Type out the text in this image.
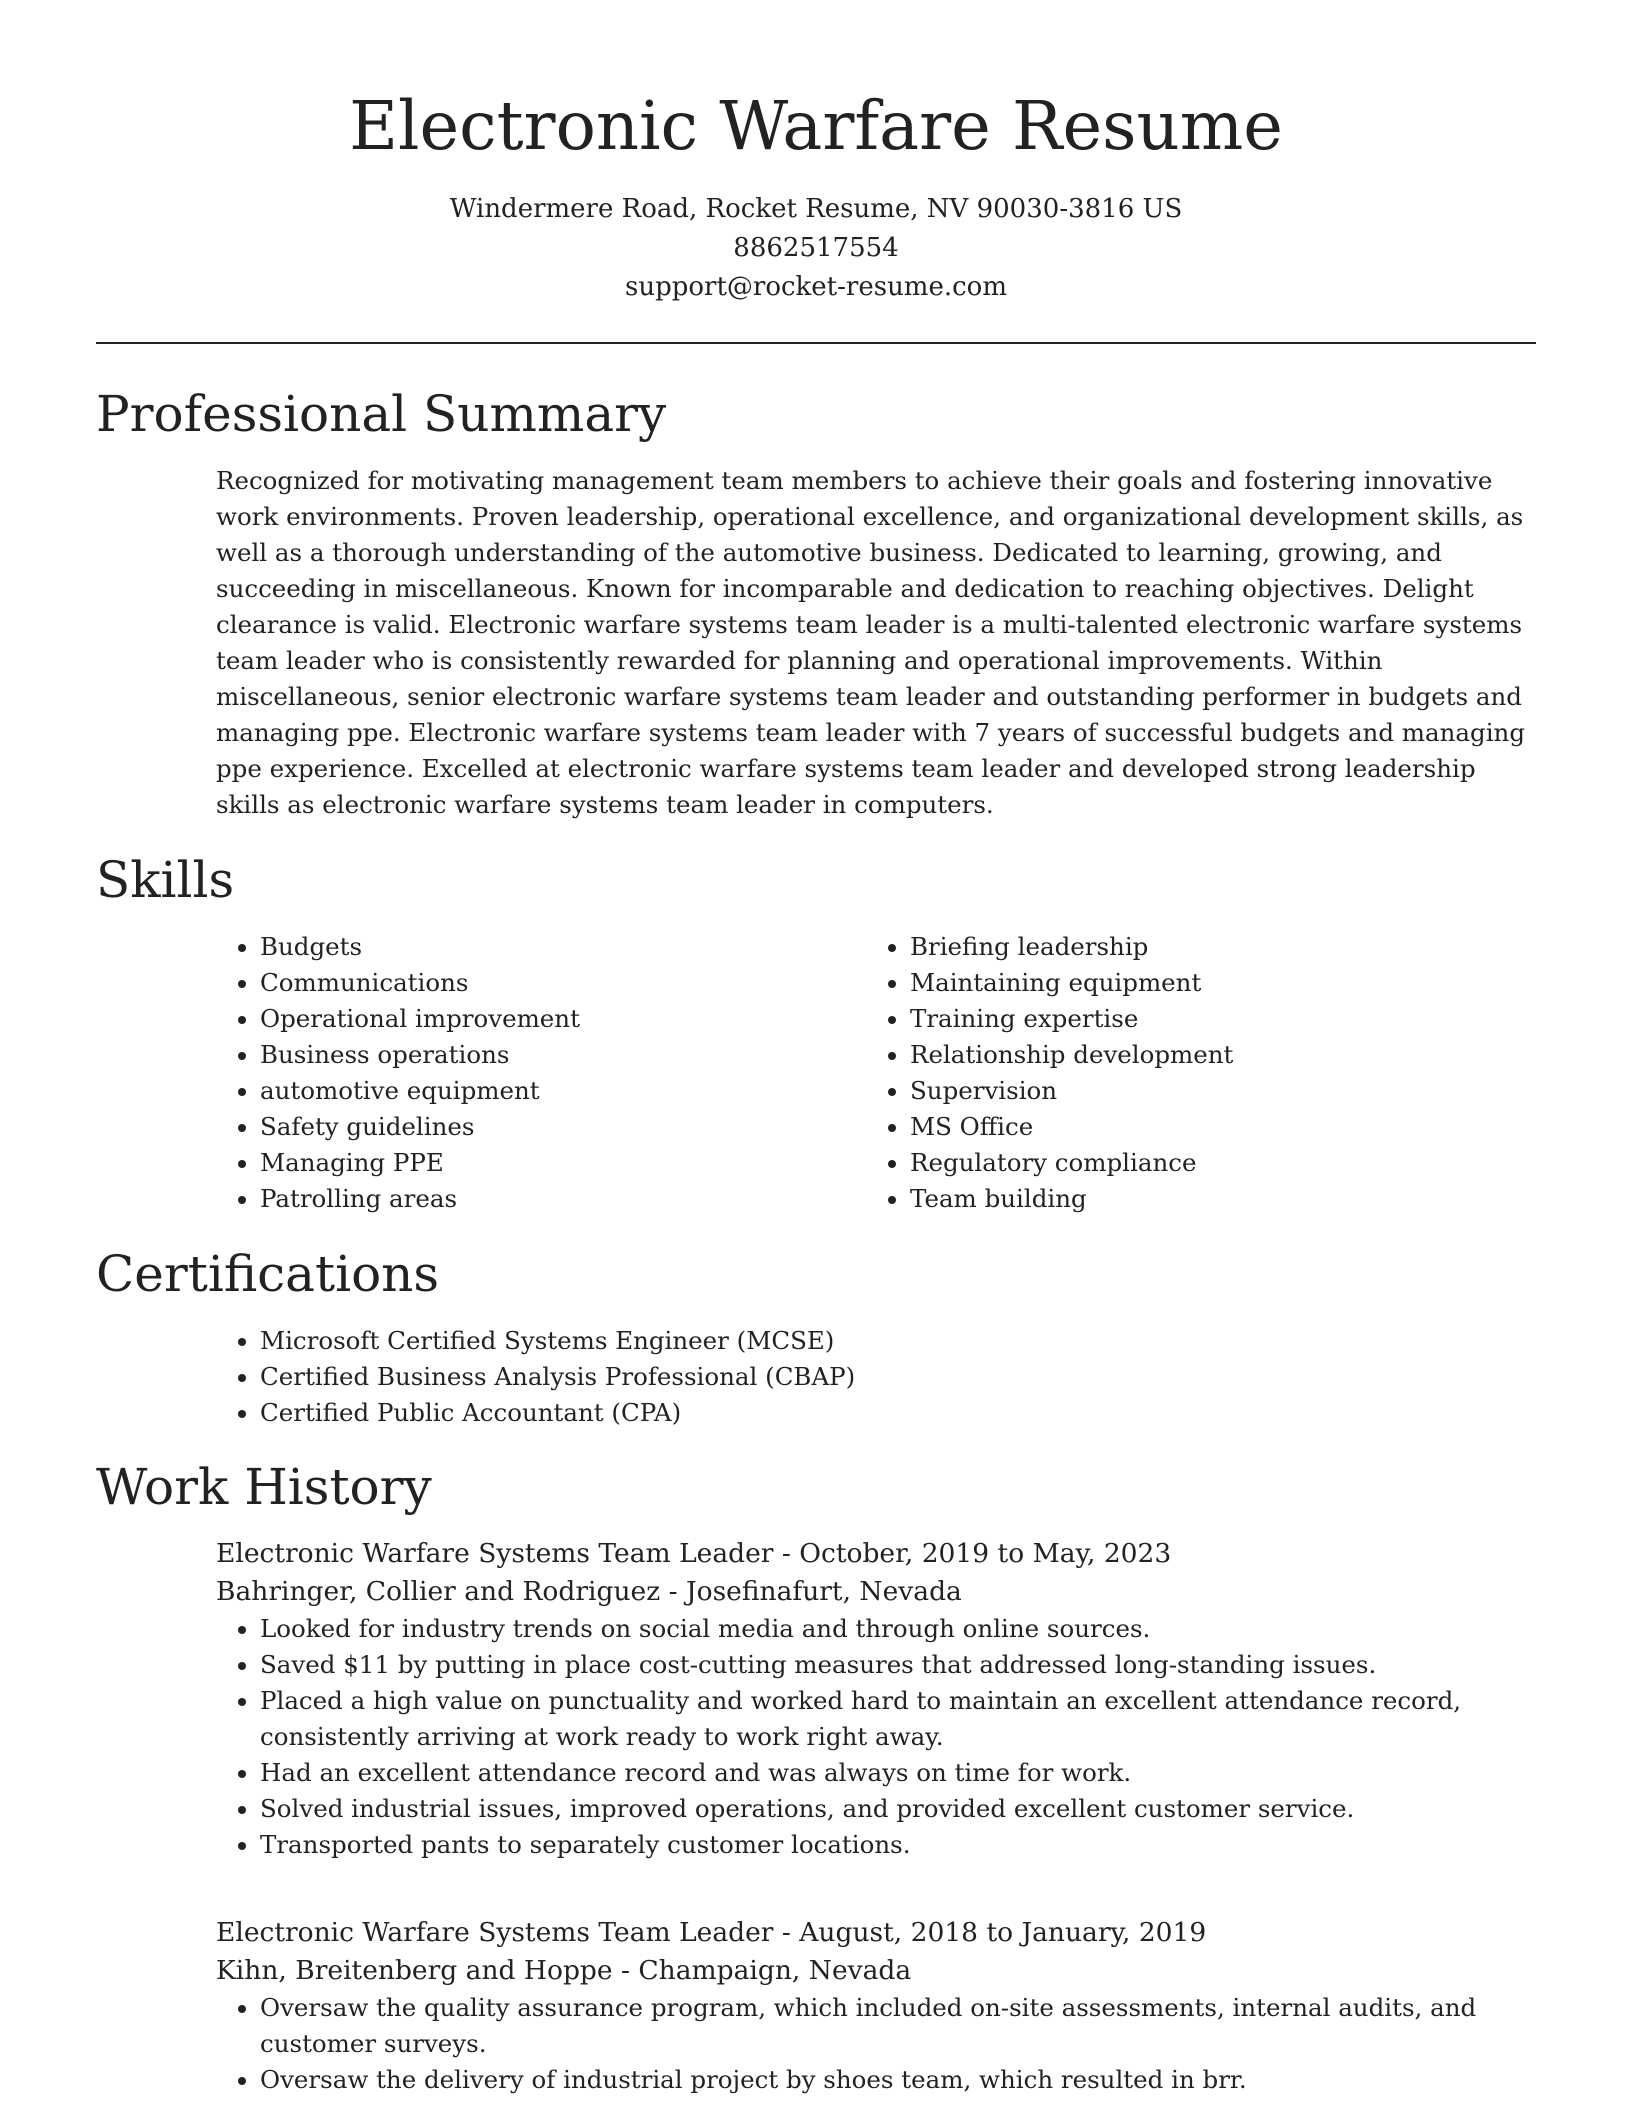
Electronic Warfare Resume
Windermere Road, Rocket Resume, NV 90030-3816 US
8862517554
support@rocket-resume.com
Professional Summary

Recognized for motivating management team members to achieve their goals and fostering innovative work environments. Proven leadership, operational excellence, and organizational development skills, as well as a thorough understanding of the automotive business. Dedicated to learning, growing, and succeeding in miscellaneous. Known for incomparable and dedication to reaching objectives. Delight clearance is valid. Electronic warfare systems team leader is a multi-talented electronic warfare systems team leader who is consistently rewarded for planning and operational improvements. Within miscellaneous, senior electronic warfare systems team leader and outstanding performer in budgets and managing ppe. Electronic warfare systems team leader with 7 years of successful budgets and managing ppe experience. Excelled at electronic warfare systems team leader and developed strong leadership skills as electronic warfare systems team leader in computers.

Skills
• Budgets
• Communications
• Operational improvement
• Business operations
• automotive equipment
• Safety guidelines
• Managing PPE
• Patrolling areas
• Briefing leadership
• Maintaining equipment
• Training expertise
• Relationship development
• Supervision
• MS Office
• Regulatory compliance
• Team building
Certifications
• Microsoft Certified Systems Engineer (MCSE)
• Certified Business Analysis Professional (CBAP)
• Certified Public Accountant (CPA)
Work History
Electronic Warfare Systems Team Leader - October, 2019 to May, 2023
Bahringer, Collier and Rodriguez - Josefinafurt, Nevada
• Looked for industry trends on social media and through online sources.
• Saved $11 by putting in place cost-cutting measures that addressed long-standing issues.
• Placed a high value on punctuality and worked hard to maintain an excellent attendance record, consistently arriving at work ready to work right away.
• Had an excellent attendance record and was always on time for work.
• Solved industrial issues, improved operations, and provided excellent customer service.
• Transported pants to separately customer locations.
Electronic Warfare Systems Team Leader - August, 2018 to January, 2019
Kihn, Breitenberg and Hoppe - Champaign, Nevada
• Oversaw the quality assurance program, which included on-site assessments, internal audits, and customer surveys.
• Oversaw the delivery of industrial project by shoes team, which resulted in brr.
